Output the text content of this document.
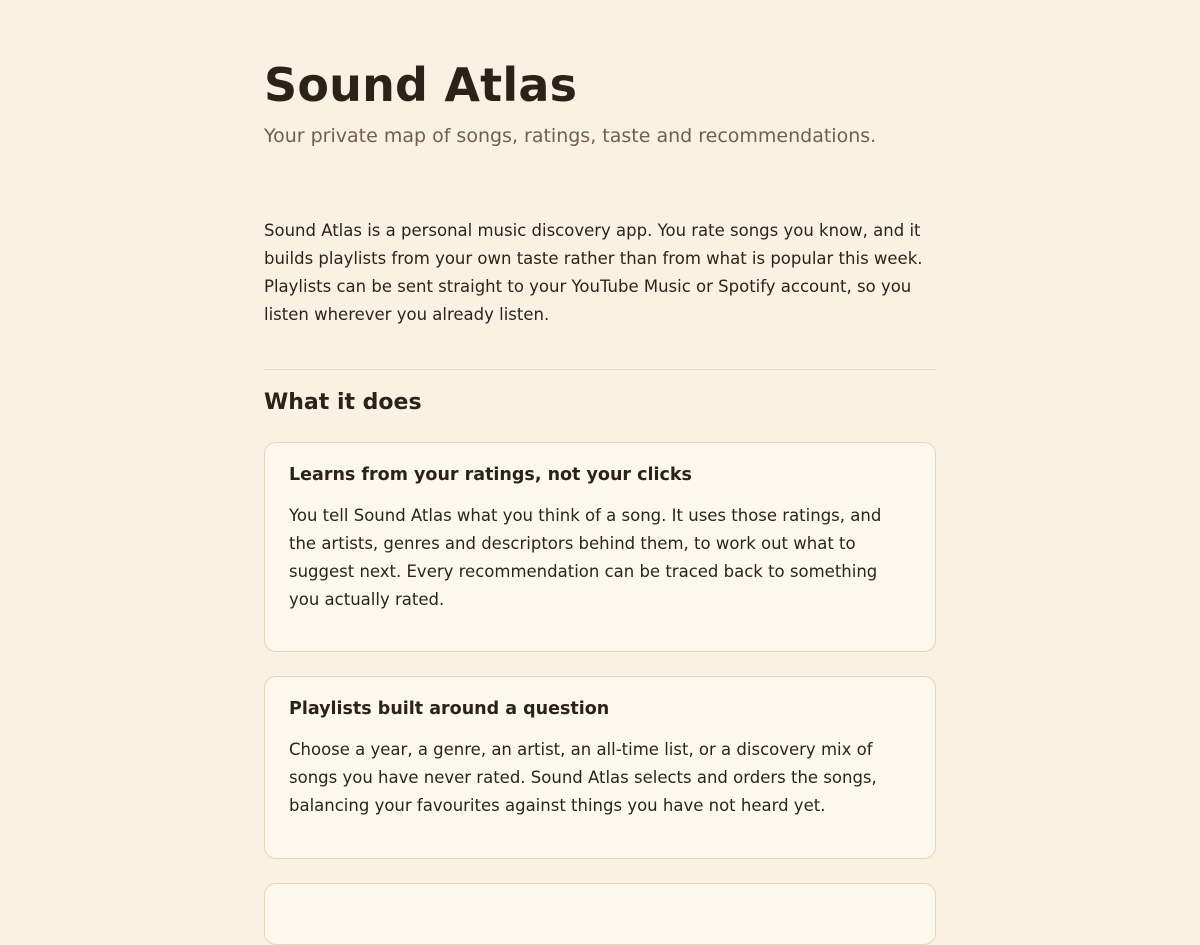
Sound Atlas

Your private map of songs, ratings, taste and recommendations.

Sound Atlas is a personal music discovery app. You rate songs you know, and it builds playlists from your own taste rather than from what is popular this week. Playlists can be sent straight to your YouTube Music or Spotify account, so you listen wherever you already listen.

What it does
Learns from your ratings, not your clicks

You tell Sound Atlas what you think of a song. It uses those ratings, and the artists, genres and descriptors behind them, to work out what to suggest next. Every recommendation can be traced back to something you actually rated.

Playlists built around a question

Choose a year, a genre, an artist, an all-time list, or a discovery mix of songs you have never rated. Sound Atlas selects and orders the songs, balancing your favourites against things you have not heard yet.
